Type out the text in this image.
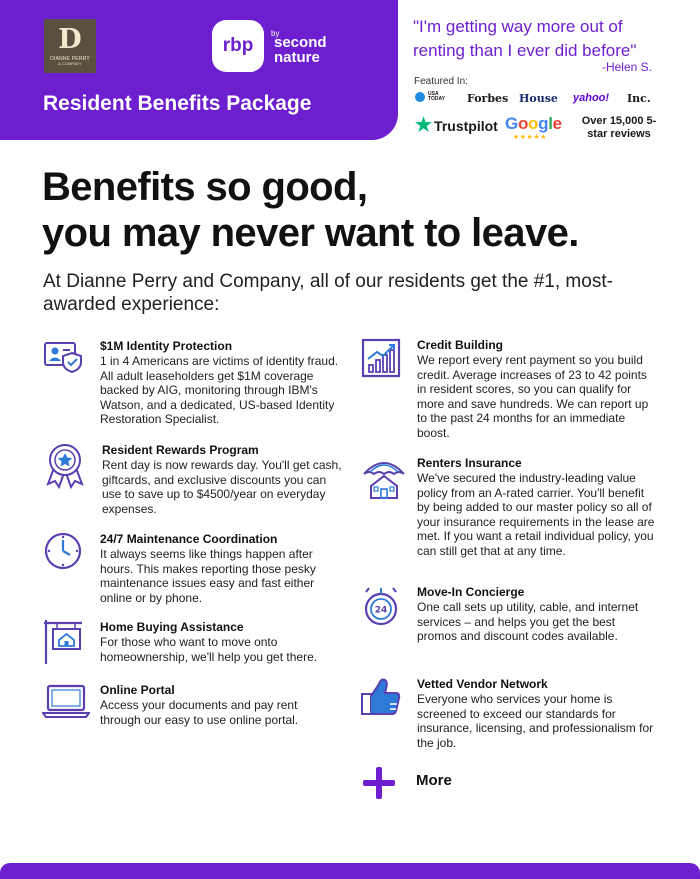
D
DIANNE PERRY
& COMPANY
rbp
by
second nature
Resident Benefits Package
"I'm getting way more out of renting than I ever did before"
-Helen S.
Featured In:
USA TODAY Forbes House yahoo! Inc.
★ Trustpilot Google
★★★★★
Over 15,000 5-star reviews
Benefits so good,
you may never want to leave.
At Dianne Perry and Company, all of our residents get the #1, most-awarded experience:
$1M Identity Protection
1 in 4 Americans are victims of identity fraud. All adult leaseholders get $1M coverage backed by AIG, monitoring through IBM's Watson, and a dedicated, US-based Identity Restoration Specialist.
Resident Rewards Program
Rent day is now rewards day. You'll get cash, giftcards, and exclusive discounts you can use to save up to $4500/year on everyday expenses.
24/7 Maintenance Coordination
It always seems like things happen after hours. This makes reporting those pesky maintenance issues easy and fast either online or by phone.
Home Buying Assistance
For those who want to move onto homeownership, we'll help you get there.
Online Portal
Access your documents and pay rent through our easy to use online portal.
Credit Building
We report every rent payment so you build credit. Average increases of 23 to 42 points in resident scores, so you can qualify for more and save hundreds. We can report up to the past 24 months for an immediate boost.
Renters Insurance
We've secured the industry-leading value policy from an A-rated carrier. You'll benefit by being added to our master policy so all of your insurance requirements in the lease are met. If you want a retail individual policy, you can still get that at any time.
24
Move-In Concierge
One call sets up utility, cable, and internet services – and helps you get the best promos and discount codes available.
Vetted Vendor Network
Everyone who services your home is screened to exceed our standards for insurance, licensing, and professionalism for the job.
More
